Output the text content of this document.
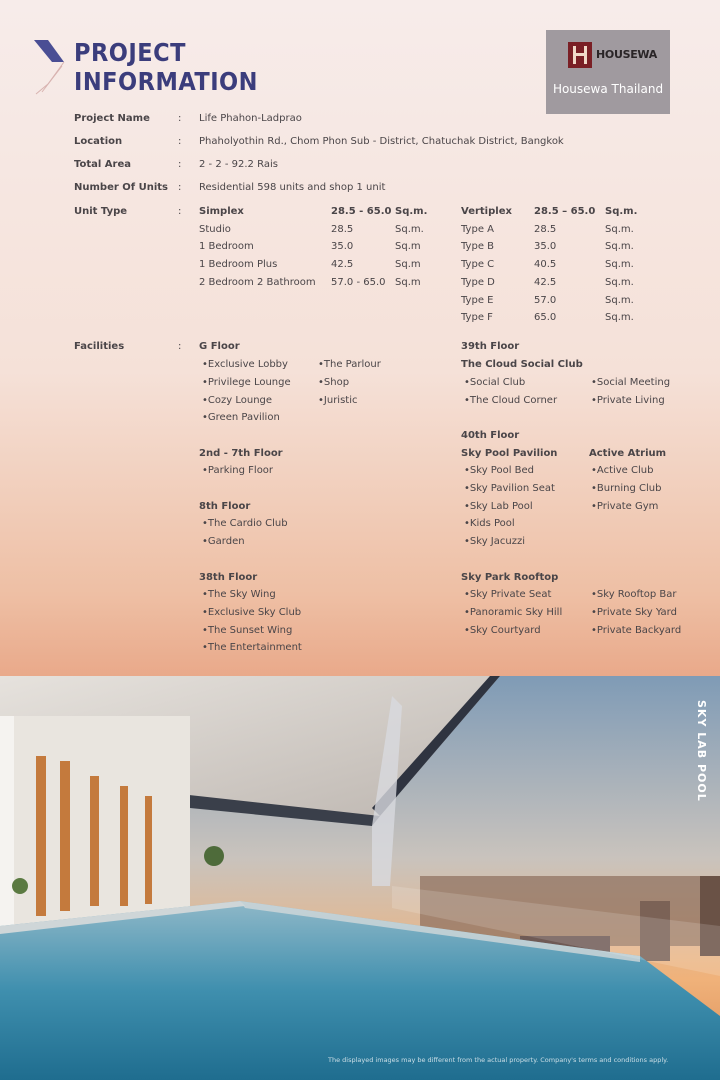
PROJECT
INFORMATION
HOUSEWA
Housewa Thailand
Project Name	: Life Phahon-Ladprao
Location	: Phaholyothin Rd., Chom Phon Sub - District, Chatuchak District, Bangkok
Total Area	: 2 - 2 - 92.2 Rais
Number Of Units : Residential 598 units and shop 1 unit
Unit Type	: Simplex	28.5 - 65.0 Sq.m.
Studio	28.5	Sq.m.
1 Bedroom	35.0	Sq.m
1 Bedroom Plus	42.5	Sq.m
2 Bedroom 2 Bathroom 57.0 - 65.0 Sq.m
Vertiplex 28.5 – 65.0 Sq.m.
Type A	28.5	Sq.m.
Type B	35.0	Sq.m.
Type C	40.5	Sq.m.
Type D	42.5	Sq.m.
Type E	57.0	Sq.m.
Type F	65.0	Sq.m.
Facilities	: G Floor
• Exclusive Lobby
• Privilege Lounge
• Cozy Lounge
• Green Pavilion
• The Parlour
• Shop
• Juristic
2nd - 7th Floor
• Parking Floor
8th Floor
• The Cardio Club
• Garden
38th Floor
• The Sky Wing
• Exclusive Sky Club
• The Sunset Wing
• The Entertainment
39th Floor
The Cloud Social Club
• Social Club
• The Cloud Corner
• Social Meeting
• Private Living
40th Floor
Sky Pool Pavilion
• Sky Pool Bed
• Sky Pavilion Seat
• Sky Lab Pool
• Kids Pool
• Sky Jacuzzi
Active Atrium
• Active Club
• Burning Club
• Private Gym
Sky Park Rooftop
• Sky Private Seat
• Panoramic Sky Hill
• Sky Courtyard
• Sky Rooftop Bar
• Private Sky Yard
• Private Backyard
SKY LAB POOL
The displayed images may be different from the actual property. Company's terms and conditions apply.
